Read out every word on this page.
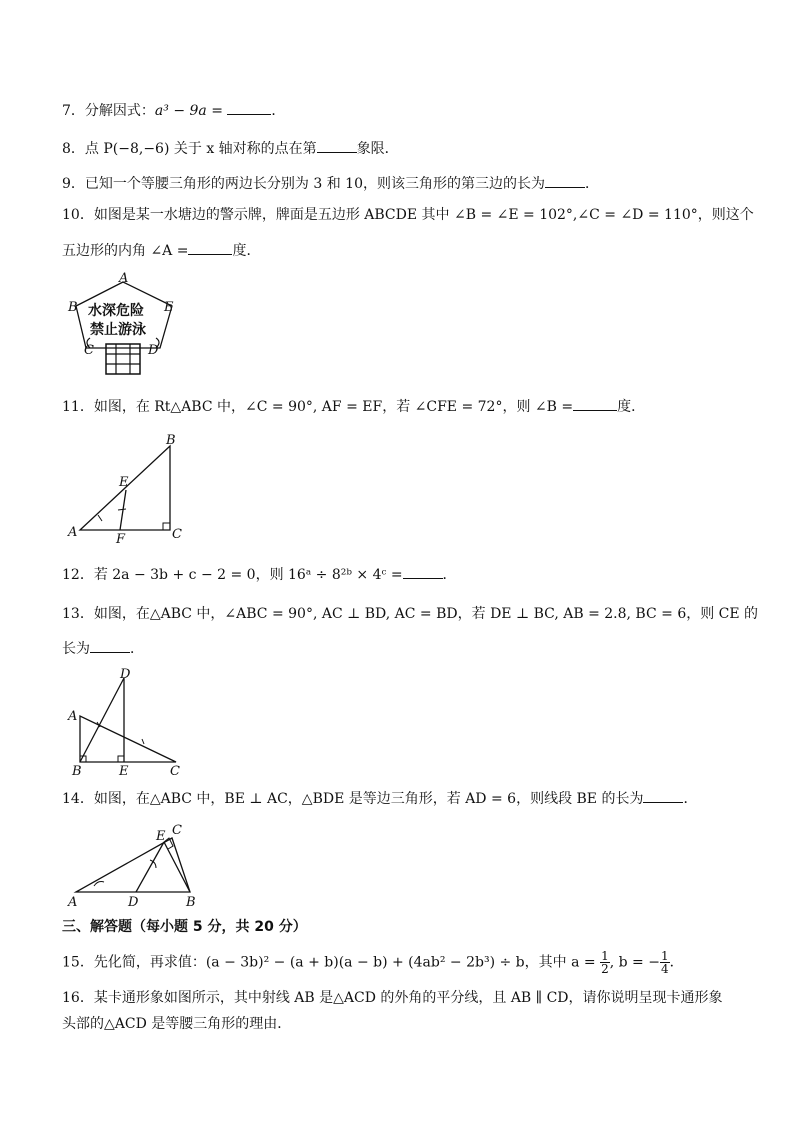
7．分解因式：a³ − 9a =	．
8．点 P(−8,−6) 关于 x 轴对称的点在第	象限．
9．已知一个等腰三角形的两边长分别为 3 和 10，则该三角形的第三边的长为	．
10．如图是某一水塘边的警示牌，牌面是五边形 ABCDE 其中 ∠B = ∠E = 102°,∠C = ∠D = 110°，则这个
五边形的内角 ∠A =	度．
A
B	E
C	D
水深危险
禁止游泳
11．如图，在 Rt△ABC 中，∠C = 90°, AF = EF，若 ∠CFE = 72°，则 ∠B =	度．
A
B
C
E
F
12．若 2a − 3b + c − 2 = 0，则 16ᵃ ÷ 8²ᵇ × 4ᶜ =	．
13．如图，在△ABC 中，∠ABC = 90°, AC ⊥ BD, AC = BD，若 DE ⊥ BC, AB = 2.8, BC = 6，则 CE 的
长为	．
A
B	C
D
E
14．如图，在△ABC 中，BE ⊥ AC，△BDE 是等边三角形，若 AD = 6，则线段 BE 的长为	．
A	B
C
D
E
三、解答题（每小题 5 分，共 20 分）
15．先化简，再求值：(a − 3b)² − (a + b)(a − b) + (4ab² − 2b³) ÷ b，其中 $a = \frac{1}{2}$ , b = − $\frac{1}{4}$ ．
16．某卡通形象如图所示，其中射线 AB 是△ACD 的外角的平分线，且 AB ∥ CD，请你说明呈现卡通形象
头部的△ACD 是等腰三角形的理由．
